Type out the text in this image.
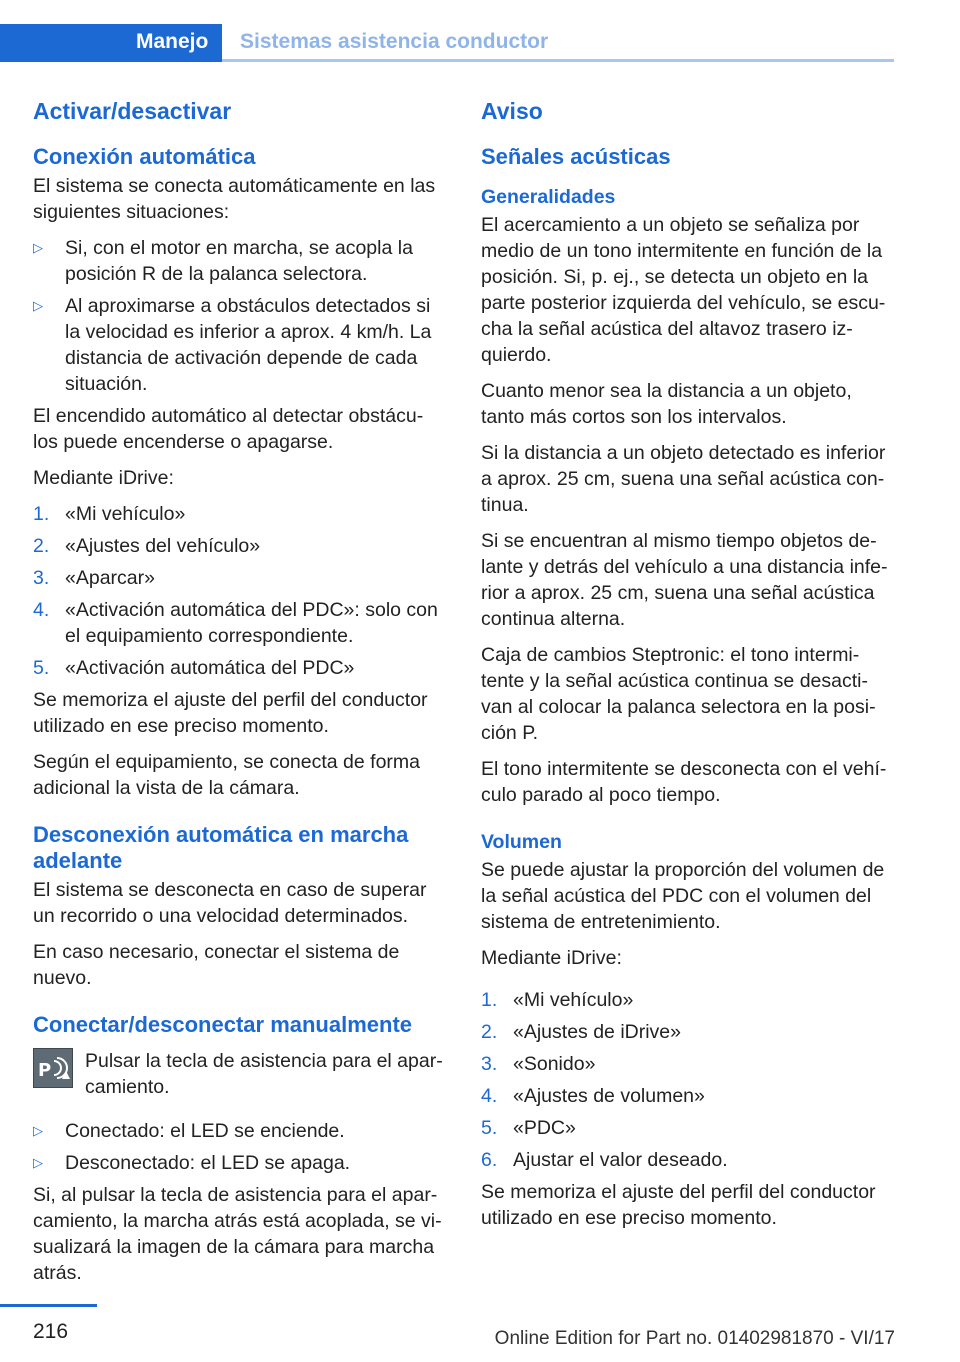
Manejo Sistemas asistencia conductor
Activar/desactivar
Conexión automática

El sistema se conecta automáticamente en las siguientes situaciones:

▷ Si, con el motor en marcha, se acopla la posición R de la palanca selectora.
▷ Al aproximarse a obstáculos detectados si la velocidad es inferior a aprox. 4 km/h. La distancia de activación depende de cada situación.

El encendido automático al detectar obstácu‐los puede encenderse o apagarse.

Mediante iDrive:

1. «Mi vehículo»
2. «Ajustes del vehículo»
3. «Aparcar»
4. «Activación automática del PDC»: solo con el equipamiento correspondiente.
5. «Activación automática del PDC»

Se memoriza el ajuste del perfil del conductor utilizado en ese preciso momento.

Según el equipamiento, se conecta de forma adicional la vista de la cámara.

Desconexión automática en marcha adelante

El sistema se desconecta en caso de superar un recorrido o una velocidad determinados.

En caso necesario, conectar el sistema de nuevo.

Conectar/desconectar manualmente
P	Pulsar la tecla de asistencia para el apar‐camiento.
▷ Conectado: el LED se enciende.
▷ Desconectado: el LED se apaga.

Si, al pulsar la tecla de asistencia para el apar‐camiento, la marcha atrás está acoplada, se vi‐sualizará la imagen de la cámara para marcha atrás.

Aviso
Señales acústicas
Generalidades

El acercamiento a un objeto se señaliza por medio de un tono intermitente en función de la posición. Si, p. ej., se detecta un objeto en la parte posterior izquierda del vehículo, se escu‐cha la señal acústica del altavoz trasero iz‐quierdo.

Cuanto menor sea la distancia a un objeto, tanto más cortos son los intervalos.

Si la distancia a un objeto detectado es inferior a aprox. 25 cm, suena una señal acústica con‐tinua.

Si se encuentran al mismo tiempo objetos de‐lante y detrás del vehículo a una distancia infe‐rior a aprox. 25 cm, suena una señal acústica continua alterna.

Caja de cambios Steptronic: el tono intermi‐tente y la señal acústica continua se desacti‐van al colocar la palanca selectora en la posi‐ción P.

El tono intermitente se desconecta con el vehí‐culo parado al poco tiempo.

Volumen

Se puede ajustar la proporción del volumen de la señal acústica del PDC con el volumen del sistema de entretenimiento.

Mediante iDrive:

1. «Mi vehículo»
2. «Ajustes de iDrive»
3. «Sonido»
4. «Ajustes de volumen»
5. «PDC»
6. Ajustar el valor deseado.

Se memoriza el ajuste del perfil del conductor utilizado en ese preciso momento.

216	Online Edition for Part no. 01402981870 - VI/17
